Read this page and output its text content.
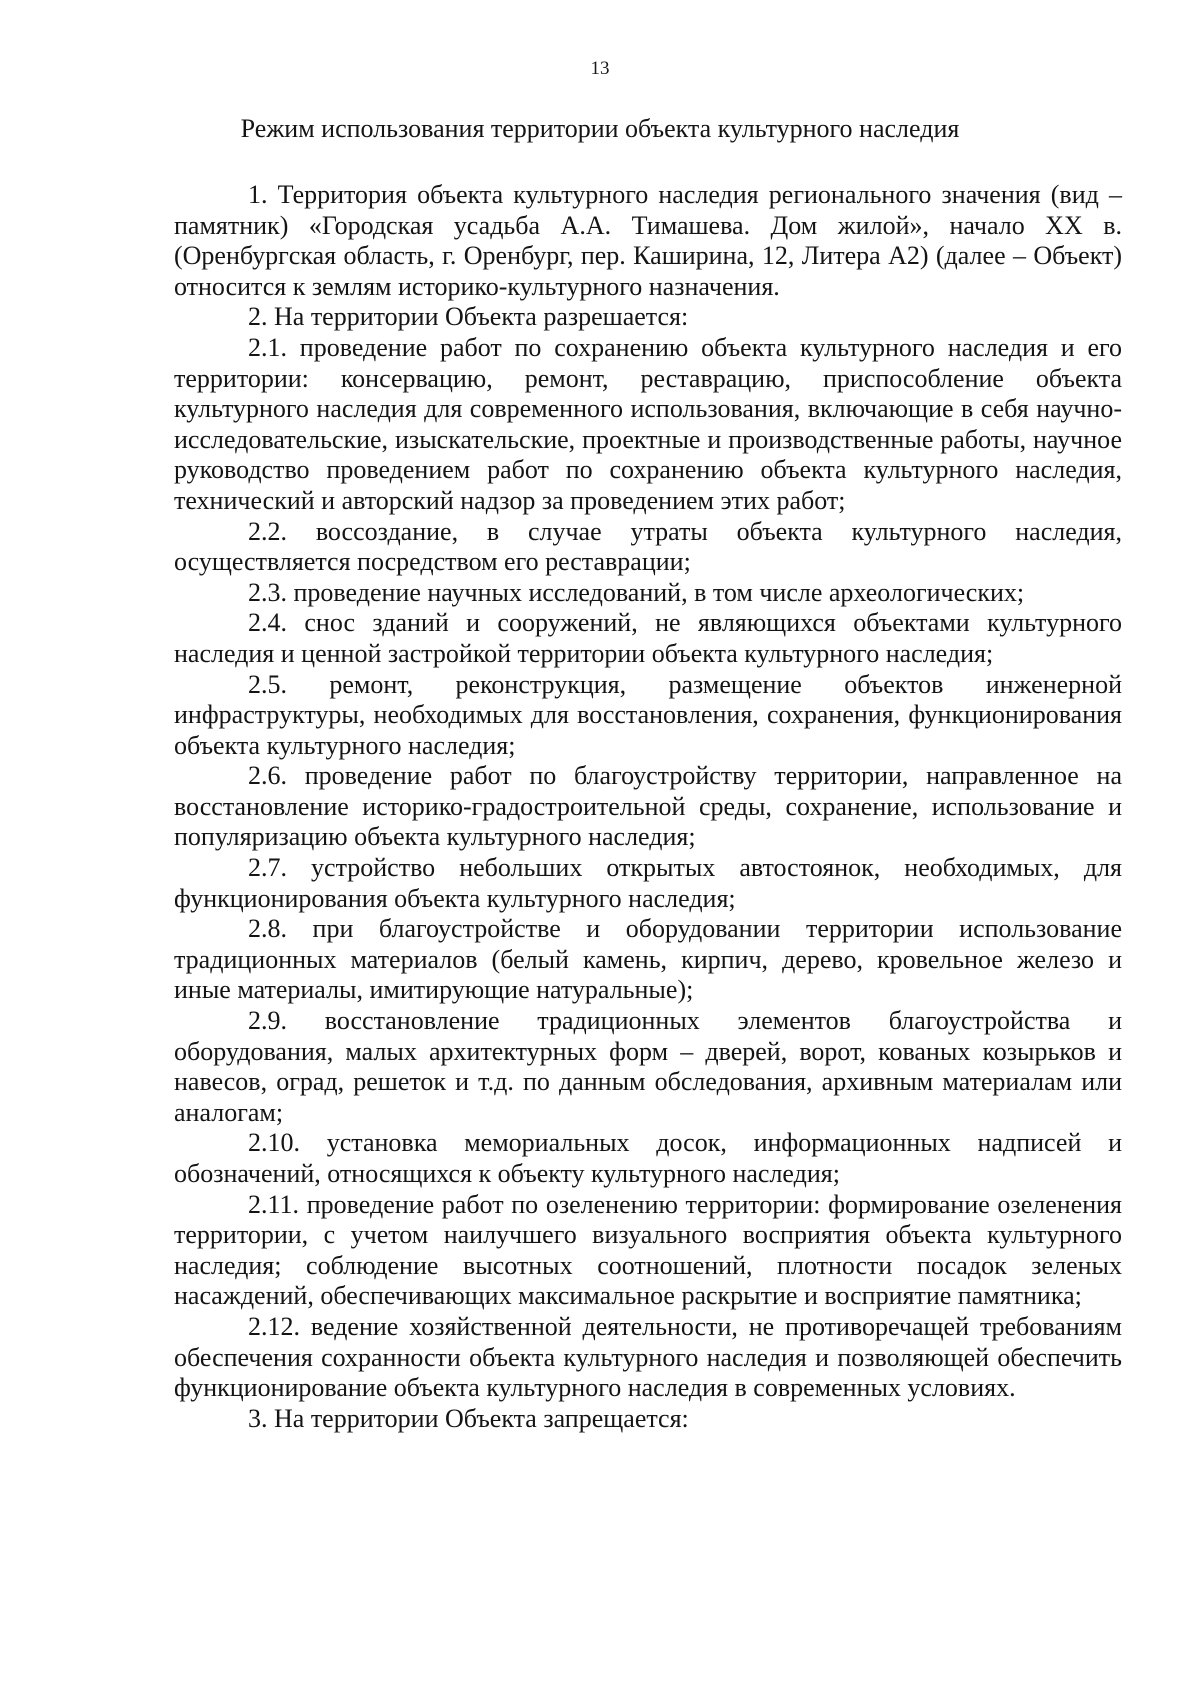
13
Режим использования территории объекта культурного наследия

1. Территория объекта культурного наследия регионального значения (вид – памятник) «Городская усадьба А.А. Тимашева. Дом жилой», начало XX в. (Оренбургская область, г. Оренбург, пер. Каширина, 12, Литера А2) (далее – Объект) относится к землям историко-культурного назначения.

2. На территории Объекта разрешается:

2.1. проведение работ по сохранению объекта культурного наследия и его территории: консервацию, ремонт, реставрацию, приспособление объекта культурного наследия для современного использования, включающие в себя научно-исследовательские, изыскательские, проектные и производственные работы, научное руководство проведением работ по сохранению объекта культурного наследия, технический и авторский надзор за проведением этих работ;

2.2. воссоздание, в случае утраты объекта культурного наследия, осуществляется посредством его реставрации;

2.3. проведение научных исследований, в том числе археологических;

2.4. снос зданий и сооружений, не являющихся объектами культурного наследия и ценной застройкой территории объекта культурного наследия;

2.5. ремонт, реконструкция, размещение объектов инженерной инфраструктуры, необходимых для восстановления, сохранения, функционирования объекта культурного наследия;

2.6. проведение работ по благоустройству территории, направленное на восстановление историко-градостроительной среды, сохранение, использование и популяризацию объекта культурного наследия;

2.7. устройство небольших открытых автостоянок, необходимых, для функционирования объекта культурного наследия;

2.8. при благоустройстве и оборудовании территории использование традиционных материалов (белый камень, кирпич, дерево, кровельное железо и иные материалы, имитирующие натуральные);

2.9. восстановление традиционных элементов благоустройства и оборудования, малых архитектурных форм – дверей, ворот, кованых козырьков и навесов, оград, решеток и т.д. по данным обследования, архивным материалам или аналогам;

2.10. установка мемориальных досок, информационных надписей и обозначений, относящихся к объекту культурного наследия;

2.11. проведение работ по озеленению территории: формирование озеленения территории, с учетом наилучшего визуального восприятия объекта культурного наследия; соблюдение высотных соотношений, плотности посадок зеленых насаждений, обеспечивающих максимальное раскрытие и восприятие памятника;

2.12. ведение хозяйственной деятельности, не противоречащей требованиям обеспечения сохранности объекта культурного наследия и позволяющей обеспечить функционирование объекта культурного наследия в современных условиях.

3. На территории Объекта запрещается:
